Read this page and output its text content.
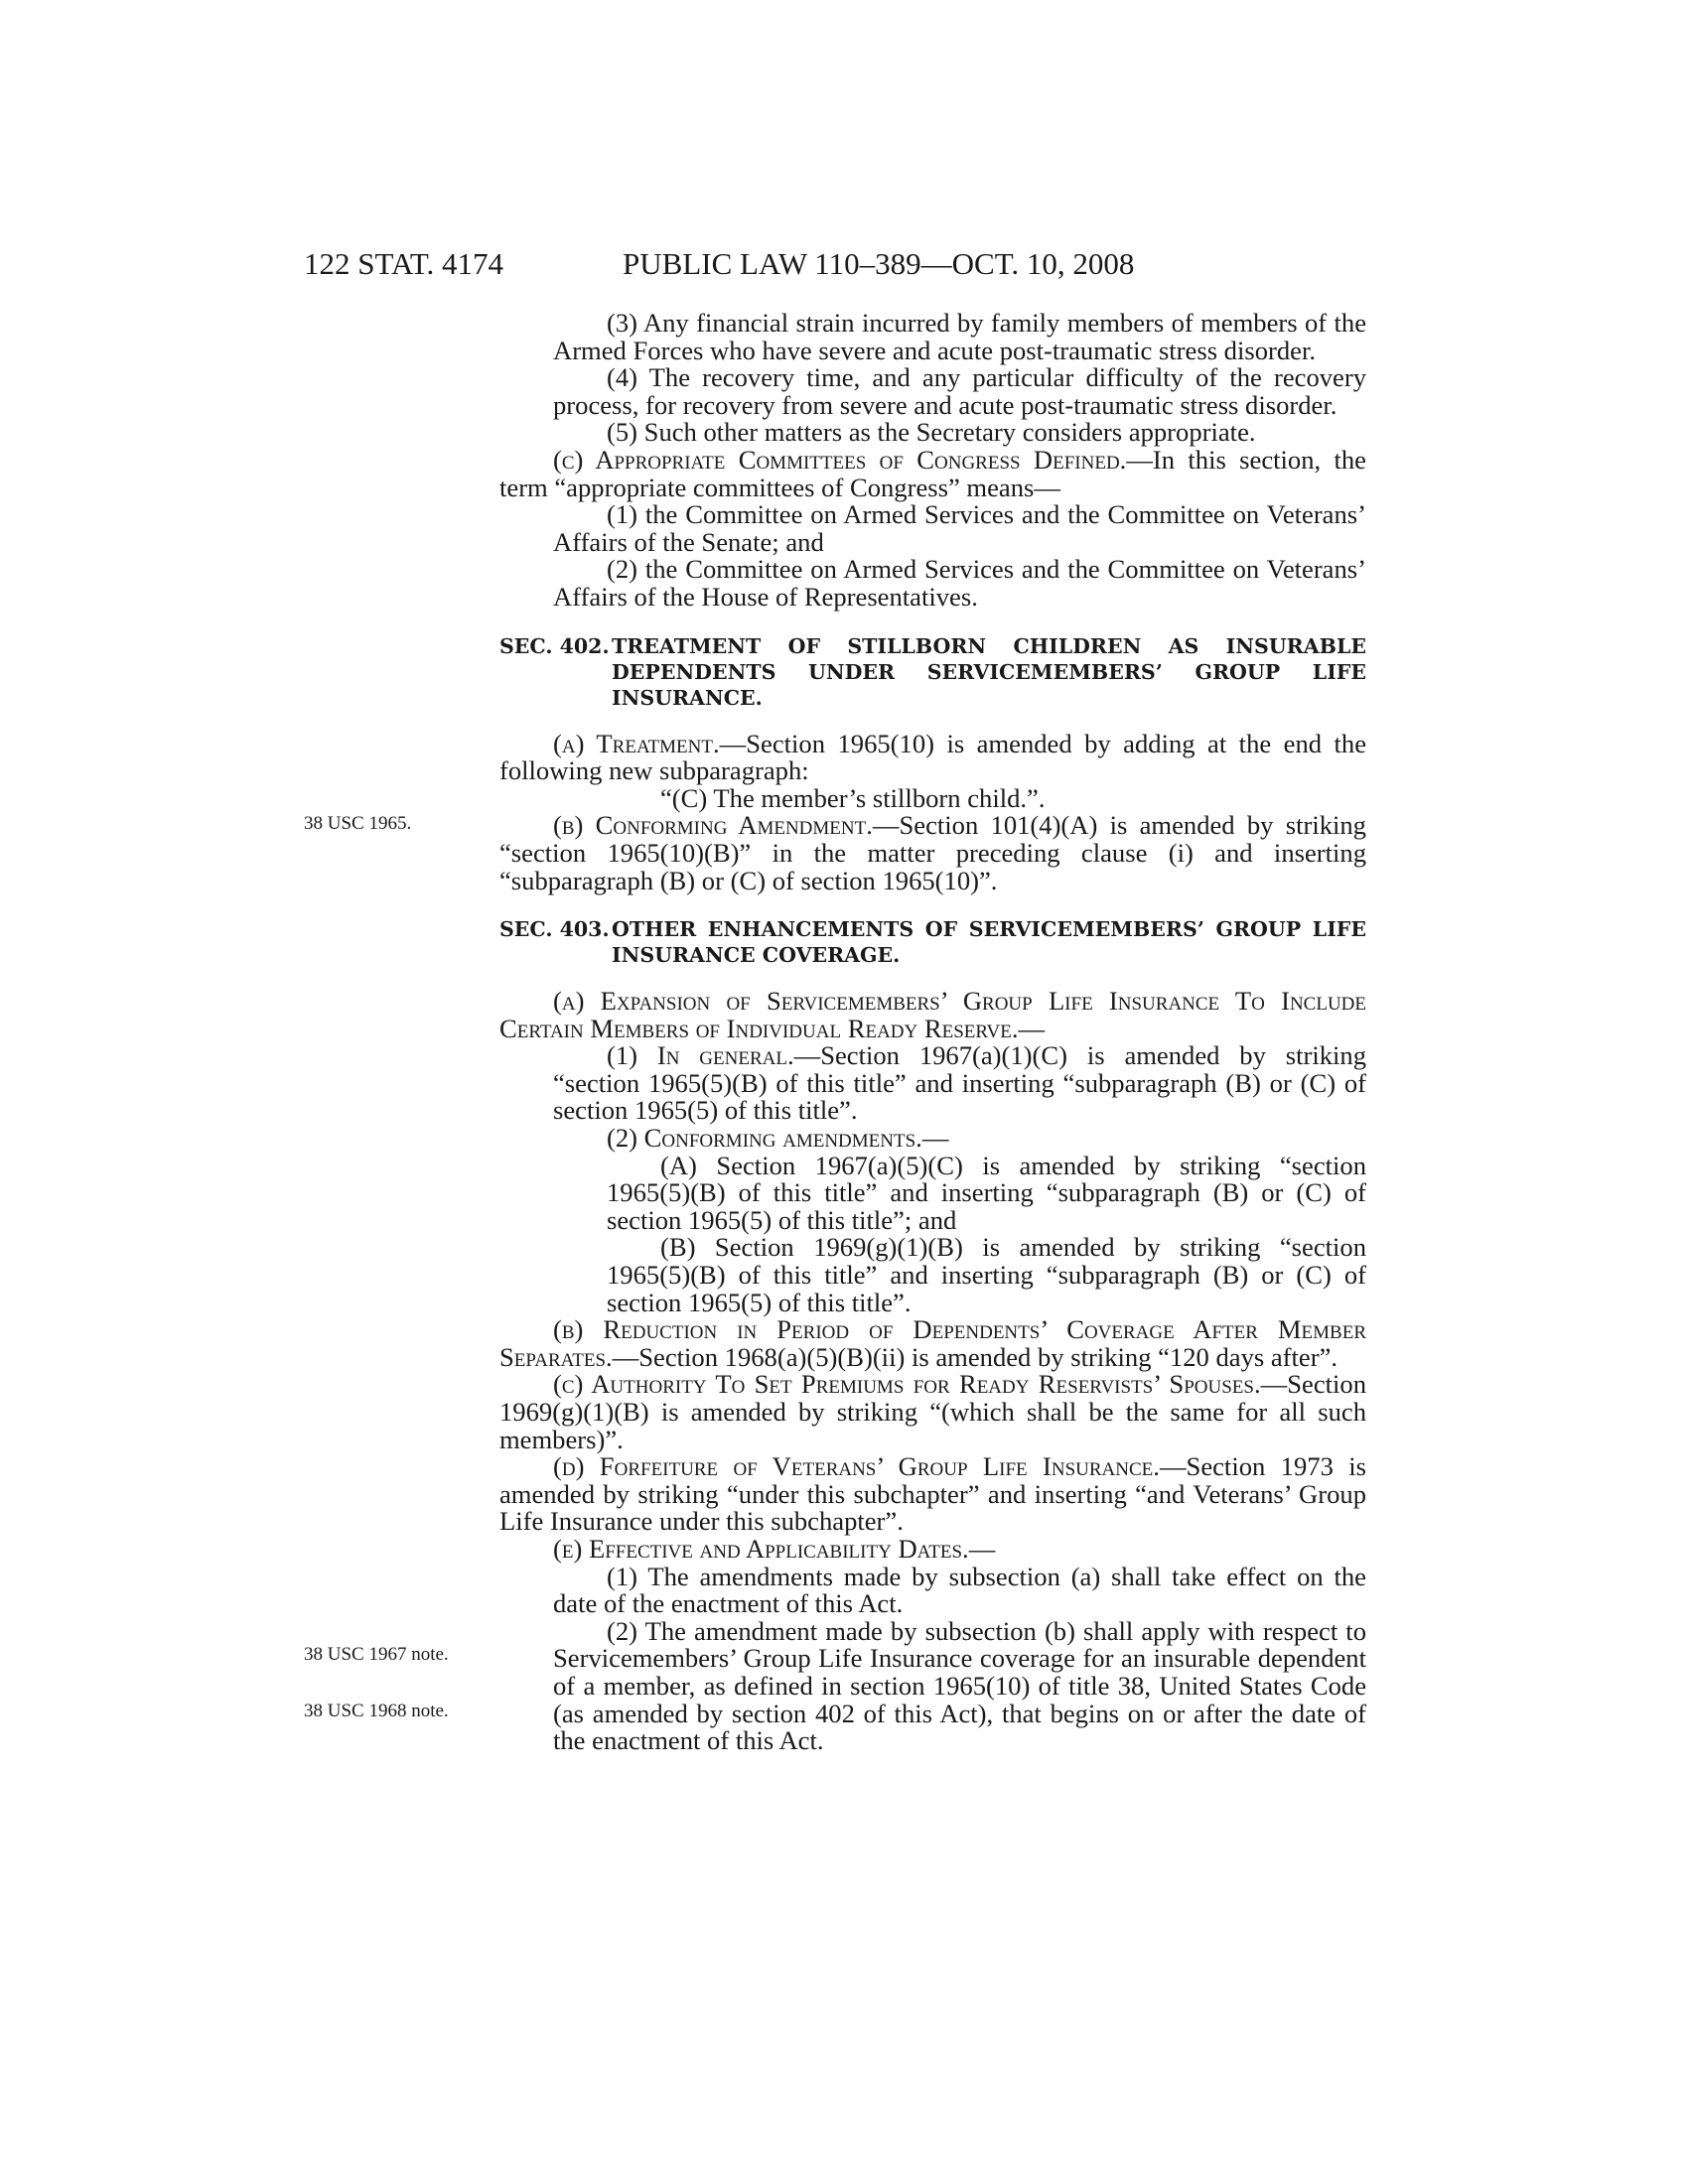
122 STAT. 4174	PUBLIC LAW 110–389—OCT. 10, 2008
38 USC 1965.
38 USC 1967 note.
38 USC 1968 note.

(3) Any financial strain incurred by family members of members of the Armed Forces who have severe and acute post-traumatic stress disorder.

(4) The recovery time, and any particular difficulty of the recovery process, for recovery from severe and acute post-traumatic stress disorder.

(5) Such other matters as the Secretary considers appropriate.

(c) Appropriate Committees of Congress Defined.—In this section, the term “appropriate committees of Congress” means—

(1) the Committee on Armed Services and the Committee on Veterans’ Affairs of the Senate; and

(2) the Committee on Armed Services and the Committee on Veterans’ Affairs of the House of Representatives.

SEC. 402. TREATMENT OF STILLBORN CHILDREN AS INSURABLE DEPENDENTS UNDER SERVICEMEMBERS’ GROUP LIFE INSURANCE.

(a) Treatment.—Section 1965(10) is amended by adding at the end the following new subparagraph:

“(C) The member’s stillborn child.”.

(b) Conforming Amendment.—Section 101(4)(A) is amended by striking “section 1965(10)(B)” in the matter preceding clause (i) and inserting “subparagraph (B) or (C) of section 1965(10)”.

SEC. 403. OTHER ENHANCEMENTS OF SERVICEMEMBERS’ GROUP LIFE INSURANCE COVERAGE.

(a) Expansion of Servicemembers’ Group Life Insurance To Include Certain Members of Individual Ready Reserve.—

(1) In general.—Section 1967(a)(1)(C) is amended by striking “section 1965(5)(B) of this title” and inserting “subparagraph (B) or (C) of section 1965(5) of this title”.

(2) Conforming amendments.—

(A) Section 1967(a)(5)(C) is amended by striking “section 1965(5)(B) of this title” and inserting “subparagraph (B) or (C) of section 1965(5) of this title”; and

(B) Section 1969(g)(1)(B) is amended by striking “section 1965(5)(B) of this title” and inserting “subparagraph (B) or (C) of section 1965(5) of this title”.

(b) Reduction in Period of Dependents’ Coverage After Member Separates.—Section 1968(a)(5)(B)(ii) is amended by striking “120 days after”.

(c) Authority To Set Premiums for Ready Reservists’ Spouses.—Section 1969(g)(1)(B) is amended by striking “(which shall be the same for all such members)”.

(d) Forfeiture of Veterans’ Group Life Insurance.—Section 1973 is amended by striking “under this subchapter” and inserting “and Veterans’ Group Life Insurance under this subchapter”.

(e) Effective and Applicability Dates.—

(1) The amendments made by subsection (a) shall take effect on the date of the enactment of this Act.

(2) The amendment made by subsection (b) shall apply with respect to Servicemembers’ Group Life Insurance coverage for an insurable dependent of a member, as defined in section 1965(10) of title 38, United States Code (as amended by section 402 of this Act), that begins on or after the date of the enactment of this Act.
